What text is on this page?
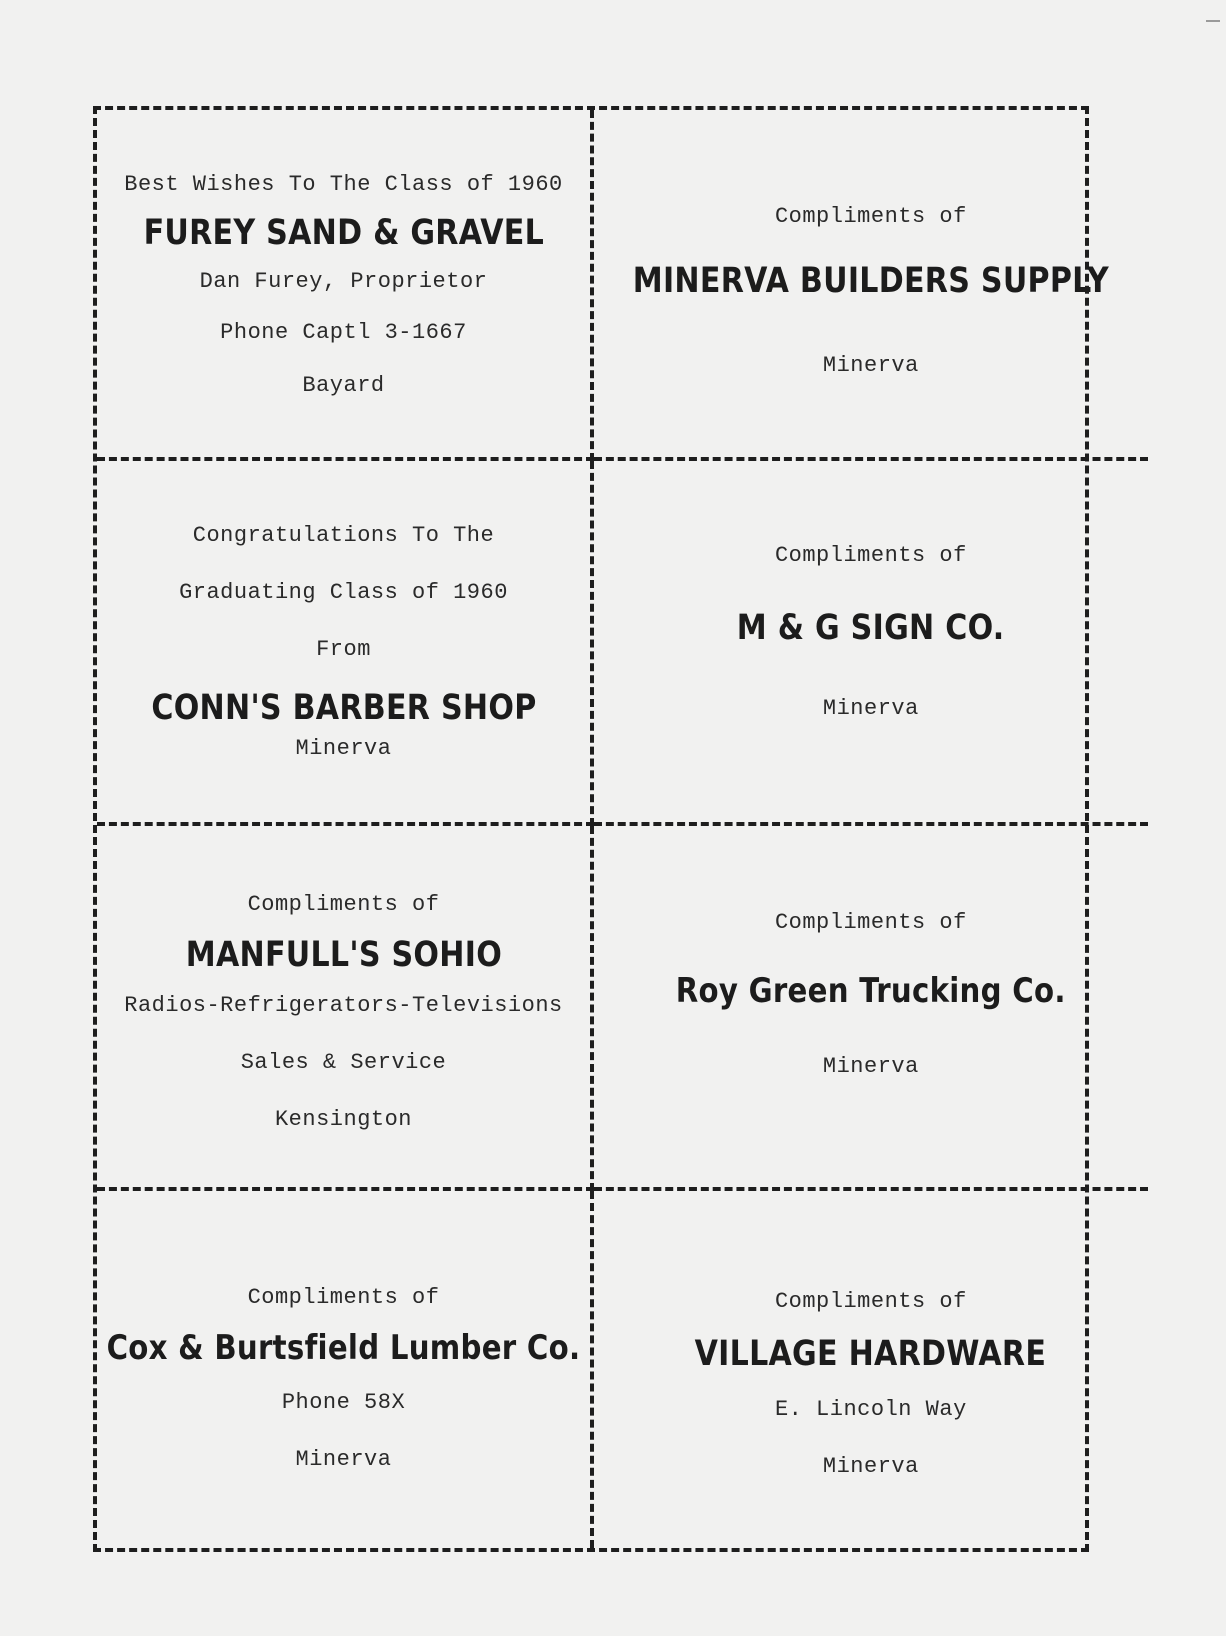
Best Wishes To The Class of 1960
FUREY SAND & GRAVEL
Dan Furey, Proprietor
Phone Captl 3-1667
Bayard
Compliments of
MINERVA BUILDERS SUPPLY
Minerva
Congratulations To The
Graduating Class of 1960
From
CONN'S BARBER SHOP
Minerva
Compliments of
M & G SIGN CO.
Minerva
Compliments of
MANFULL'S SOHIO
Radios-Refrigerators-Televisions
Sales & Service
Kensington
Compliments of
Roy Green Trucking Co.
Minerva
Compliments of
Cox & Burtsfield Lumber Co.
Phone 58X
Minerva
Compliments of
VILLAGE HARDWARE
E. Lincoln Way
Minerva
